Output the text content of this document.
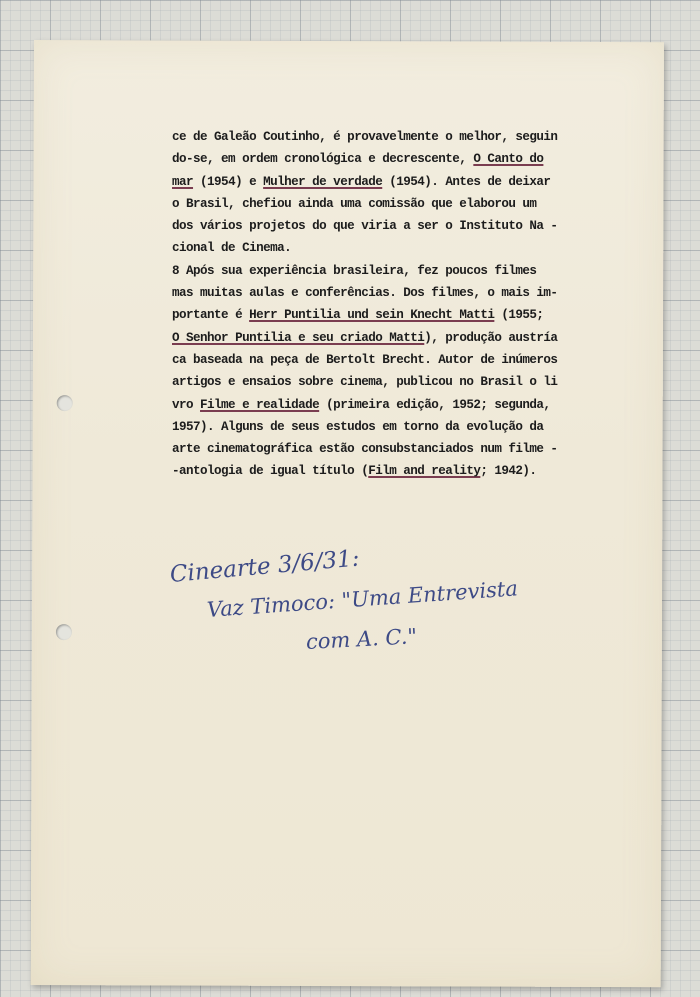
ce de Galeão Coutinho, é provavelmente o melhor, seguin
do-se, em ordem cronológica e decrescente, O Canto do
mar (1954) e Mulher de verdade (1954). Antes de deixar
o Brasil, chefiou ainda uma comissão que elaborou um
dos vários projetos do que viria a ser o Instituto Na -
cional de Cinema.
8 Após sua experiência brasileira, fez poucos filmes
mas muitas aulas e conferências. Dos filmes, o mais im-
portante é Herr Puntilia und sein Knecht Matti (1955;
O Senhor Puntilia e seu criado Matti), produção austría
ca baseada na peça de Bertolt Brecht. Autor de inúmeros
artigos e ensaios sobre cinema, publicou no Brasil o li
vro Filme e realidade (primeira edição, 1952; segunda,
1957). Alguns de seus estudos em torno da evolução da
arte cinematográfica estão consubstanciados num filme -
-antologia de igual título (Film and reality; 1942).
Cinearte 3/6/31:
Vaz Timoco: "Uma Entrevista
com A. C."
